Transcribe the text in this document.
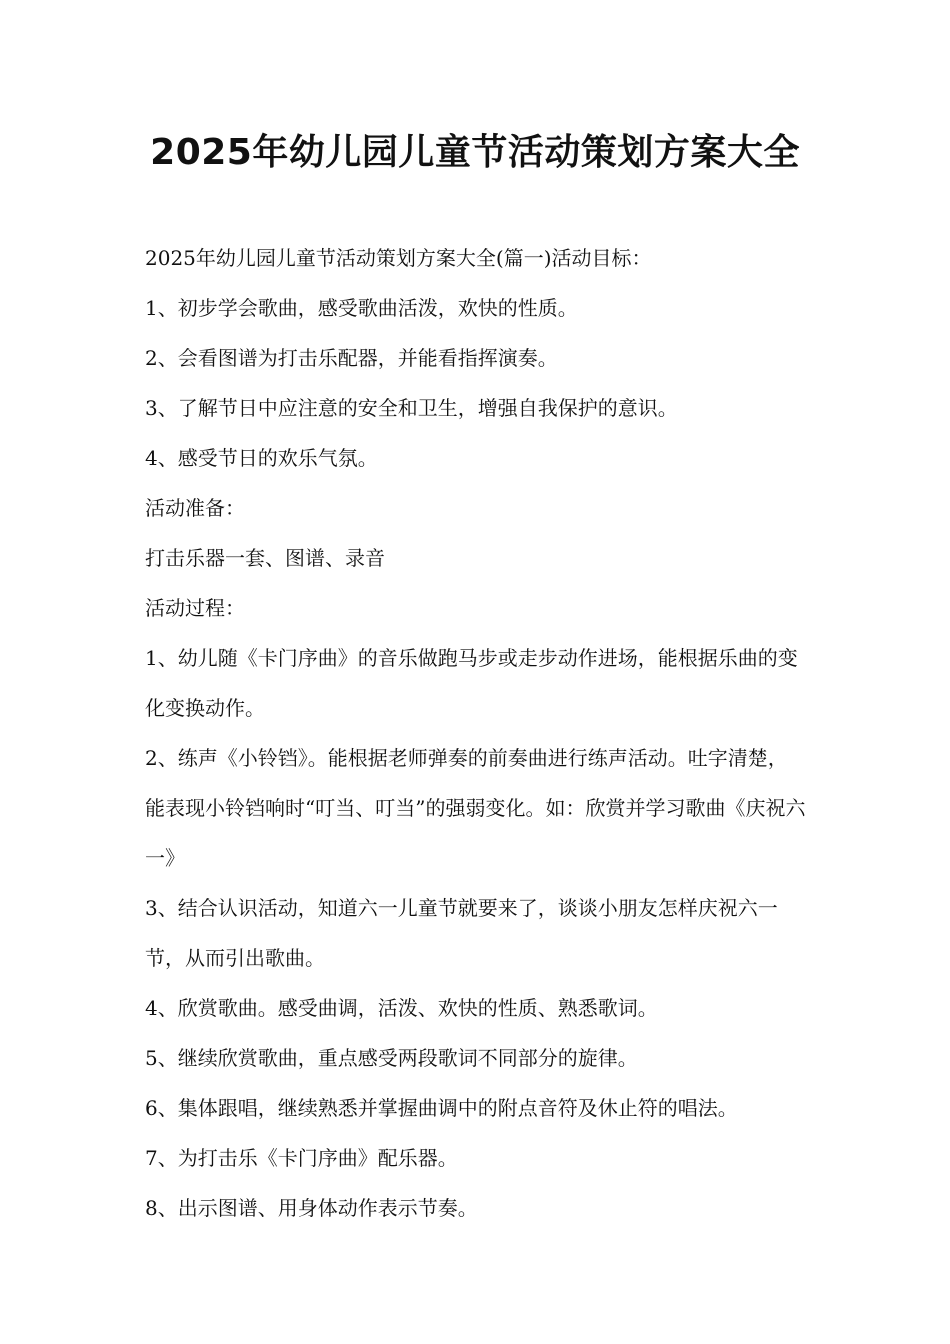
2025年幼儿园儿童节活动策划方案大全

2025年幼儿园儿童节活动策划方案大全(篇一)活动目标：

1、初步学会歌曲，感受歌曲活泼，欢快的性质。

2、会看图谱为打击乐配器，并能看指挥演奏。

3、了解节日中应注意的安全和卫生，增强自我保护的意识。

4、感受节日的欢乐气氛。

活动准备：

打击乐器一套、图谱、录音

活动过程：

1、幼儿随《卡门序曲》的音乐做跑马步或走步动作进场，能根据乐曲的变化变换动作。

2、练声《小铃铛》。能根据老师弹奏的前奏曲进行练声活动。吐字清楚，能表现小铃铛响时“叮当、叮当”的强弱变化。如：欣赏并学习歌曲《庆祝六一》

3、结合认识活动，知道六一儿童节就要来了，谈谈小朋友怎样庆祝六一节，从而引出歌曲。

4、欣赏歌曲。感受曲调，活泼、欢快的性质、熟悉歌词。

5、继续欣赏歌曲，重点感受两段歌词不同部分的旋律。

6、集体跟唱，继续熟悉并掌握曲调中的附点音符及休止符的唱法。

7、为打击乐《卡门序曲》配乐器。

8、出示图谱、用身体动作表示节奏。
